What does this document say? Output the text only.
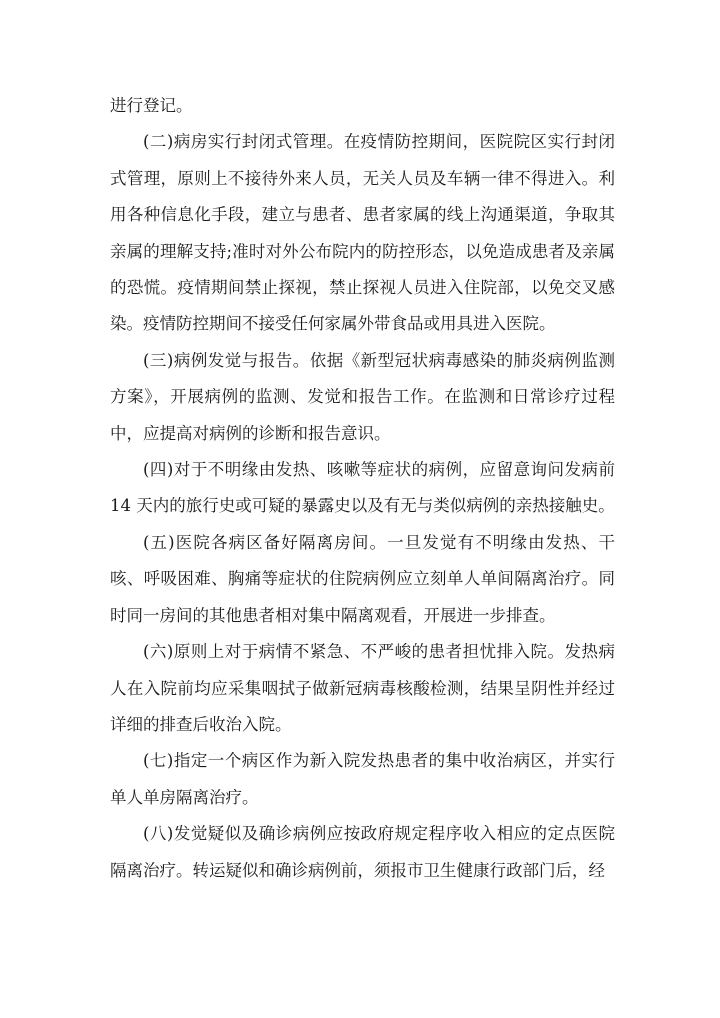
进行登记。

(二)病房实行封闭式管理。在疫情防控期间，医院院区实行封闭式管理，原则上不接待外来人员，无关人员及车辆一律不得进入。利用各种信息化手段，建立与患者、患者家属的线上沟通渠道，争取其亲属的理解支持;准时对外公布院内的防控形态，以免造成患者及亲属的恐慌。疫情期间禁止探视，禁止探视人员进入住院部，以免交叉感染。疫情防控期间不接受任何家属外带食品或用具进入医院。

(三)病例发觉与报告。依据《新型冠状病毒感染的肺炎病例监测方案》，开展病例的监测、发觉和报告工作。在监测和日常诊疗过程中，应提高对病例的诊断和报告意识。

(四)对于不明缘由发热、咳嗽等症状的病例，应留意询问发病前 14 天内的旅行史或可疑的暴露史以及有无与类似病例的亲热接触史。

(五)医院各病区备好隔离房间。一旦发觉有不明缘由发热、干咳、呼吸困难、胸痛等症状的住院病例应立刻单人单间隔离治疗。同时同一房间的其他患者相对集中隔离观看，开展进一步排查。

(六)原则上对于病情不紧急、不严峻的患者担忧排入院。发热病人在入院前均应采集咽拭子做新冠病毒核酸检测，结果呈阴性并经过详细的排查后收治入院。

(七)指定一个病区作为新入院发热患者的集中收治病区，并实行单人单房隔离治疗。

(八)发觉疑似及确诊病例应按政府规定程序收入相应的定点医院隔离治疗。转运疑似和确诊病例前，须报市卫生健康行政部门后，经
